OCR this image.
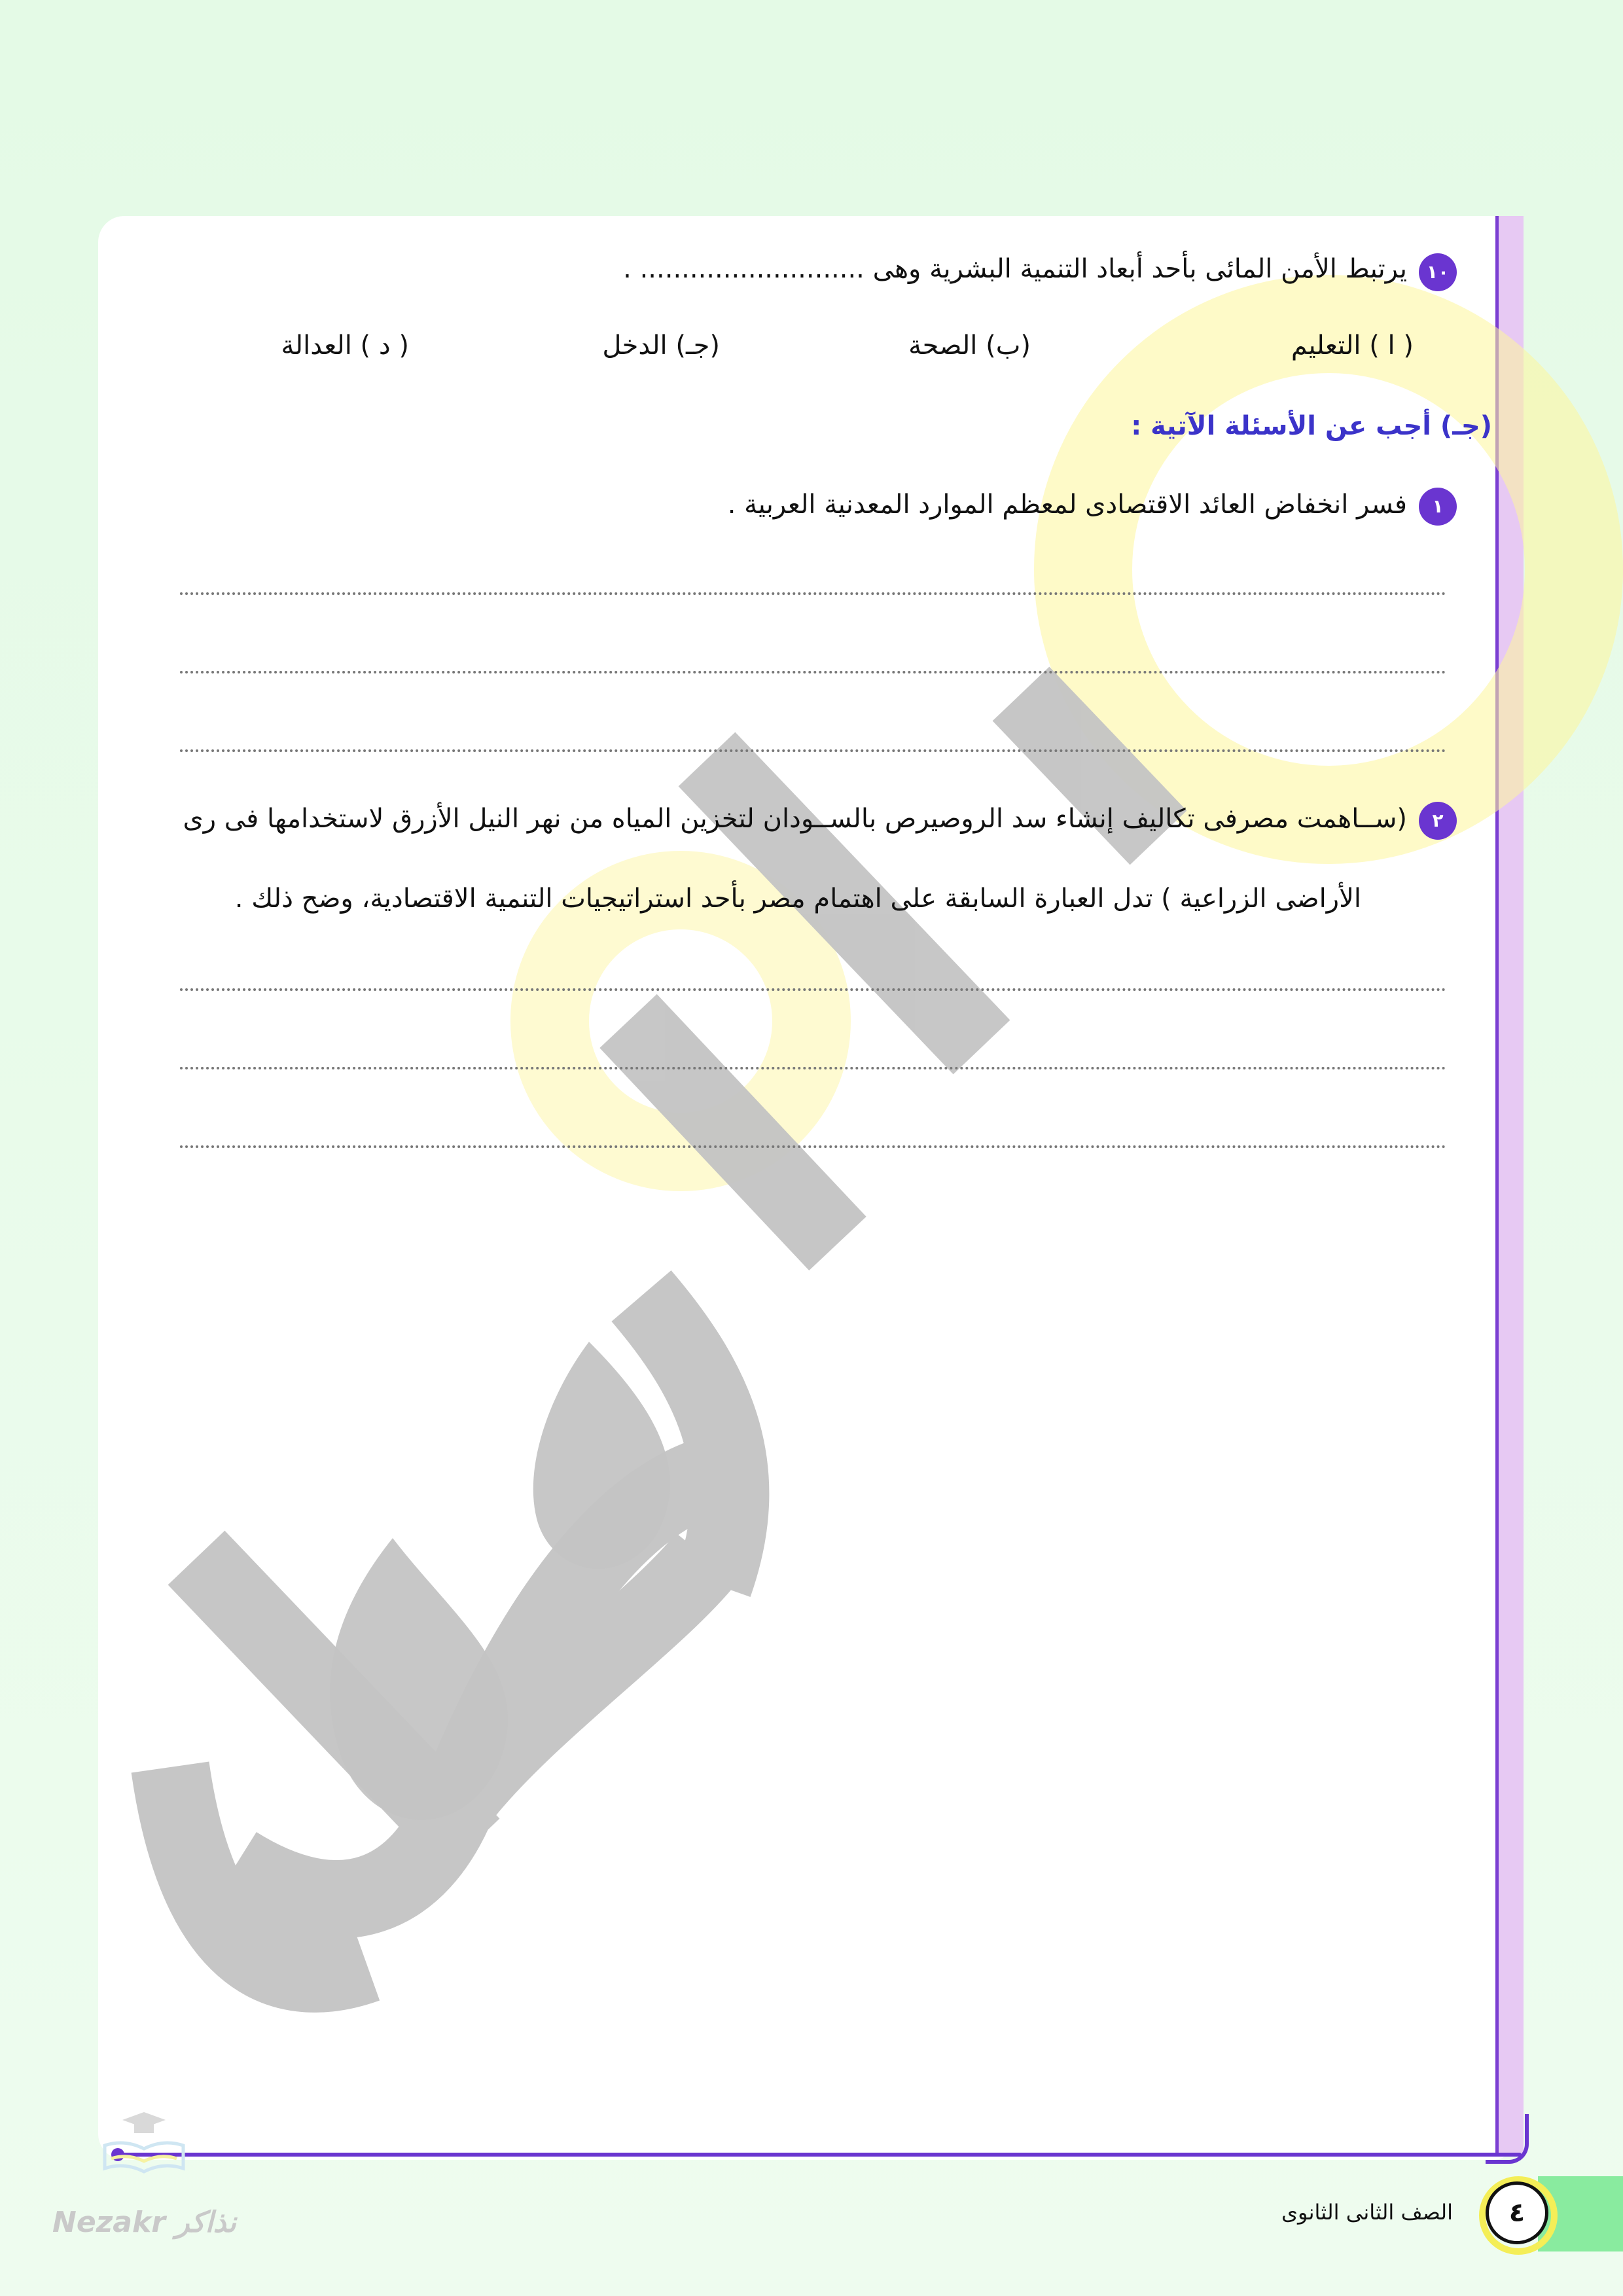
١٠
يرتبط الأمن المائى بأحد أبعاد التنمية البشرية وهى ........................... .
( ا ) التعليم
(ب) الصحة
(جـ) الدخل
( د ) العدالة
(جـ) أجب عن الأسئلة الآتية :
١
فسر انخفاض العائد الاقتصادى لمعظم الموارد المعدنية العربية .
٢
(ســاهمت مصرفى تكاليف إنشاء سد الروصيرص بالســودان لتخزين المياه من نهر النيل الأزرق لاستخدامها فى رى
الأراضى الزراعية ) تدل العبارة السابقة على اهتمام مصر بأحد استراتيجيات التنمية الاقتصادية، وضح ذلك .
٤
الصف الثانى الثانوى
Nezakr نذاكر
